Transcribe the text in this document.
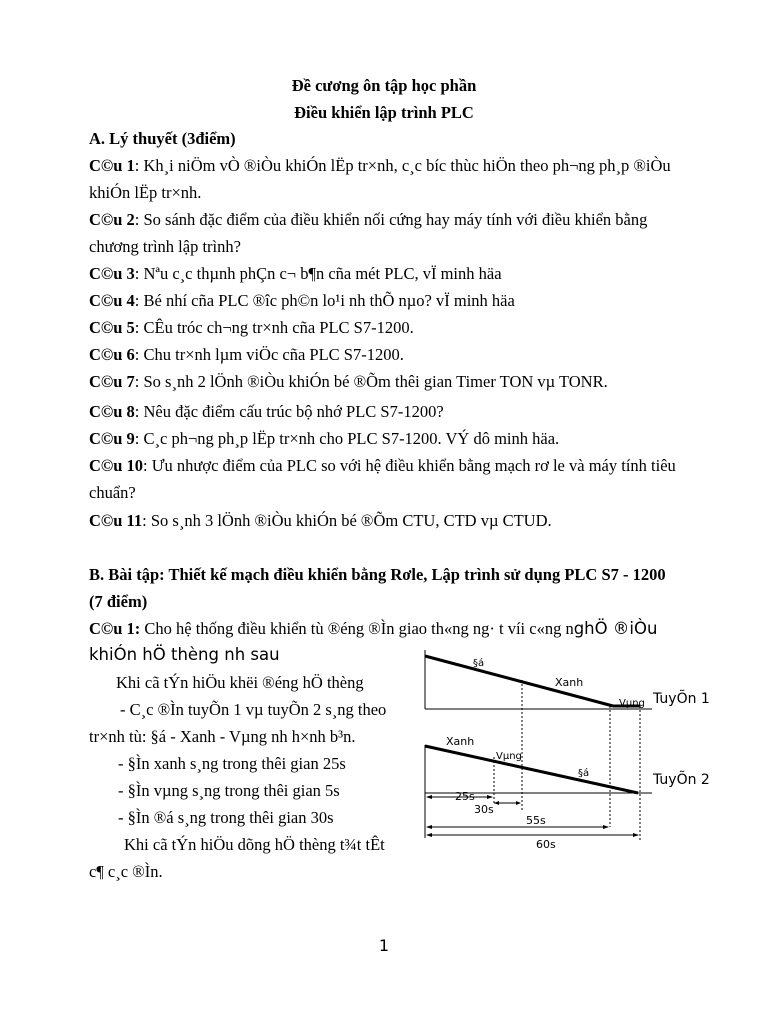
Đề cương ôn tập học phần
Điều khiển lập trình PLC
A. Lý thuyết (3điểm)
C©u 1: Kh¸i niÖm vÒ ®iÒu khiÓn lËp tr×nh, c¸c bíc thùc hiÖn theo ph¬ng ph¸p ®iÒu
khiÓn lËp tr×nh.
C©u 2: So sánh đặc điểm của điều khiển nối cứng hay máy tính với điều khiển bằng
chương trình lập trình?
C©u 3: Nªu c¸c thµnh phÇn c¬ b¶n cña mét PLC, vÏ minh häa
C©u 4: Bé nhí cña PLC ®îc ph©n lo¹i nh thÕ nµo? vÏ minh häa
C©u 5: CÊu tróc ch¬ng tr×nh cña PLC S7-1200.
C©u 6: Chu tr×nh lµm viÖc cña PLC S7-1200.
C©u 7: So s¸nh 2 lÖnh ®iÒu khiÓn bé ®Õm thêi gian Timer TON vµ TONR.
C©u 8: Nêu đặc điểm cấu trúc bộ nhớ PLC S7-1200?
C©u 9: C¸c ph¬ng ph¸p lËp tr×nh cho PLC S7-1200. VÝ dô minh häa.
C©u 10: Ưu nhược điểm của PLC so với hệ điều khiển bằng mạch rơ le và máy tính tiêu
chuẩn?
C©u 11: So s¸nh 3 lÖnh ®iÒu khiÓn bé ®Õm CTU, CTD vµ CTUD.
B. Bài tập: Thiết kế mạch điều khiển bằng Rơle, Lập trình sử dụng PLC S7 - 1200
(7 điểm)
C©u 1: Cho hệ thống điều khiển tù ®éng ®Ìn giao th«ng ng· t víi c«ng nghÖ ®iÒu
khiÓn hÖ thèng nh sau
Khi cã tÝn hiÖu khëi ®éng hÖ thèng
- C¸c ®Ìn tuyÕn 1 vµ tuyÕn 2 s¸ng theo
tr×nh tù: §á - Xanh - Vµng nh h×nh b³n.
- §Ìn xanh s¸ng trong thêi gian 25s
- §Ìn vµng s¸ng trong thêi gian 5s
- §Ìn ®á s¸ng trong thêi gian 30s
Khi cã tÝn hiÖu dõng hÖ thèng t¾t tÊt
c¶ c¸c ®Ìn.
§á
Xanh
Vµng TuyÕn 1
Xanh
Vµng
§á	TuyÕn 2
25s
30s
55s
60s
1
